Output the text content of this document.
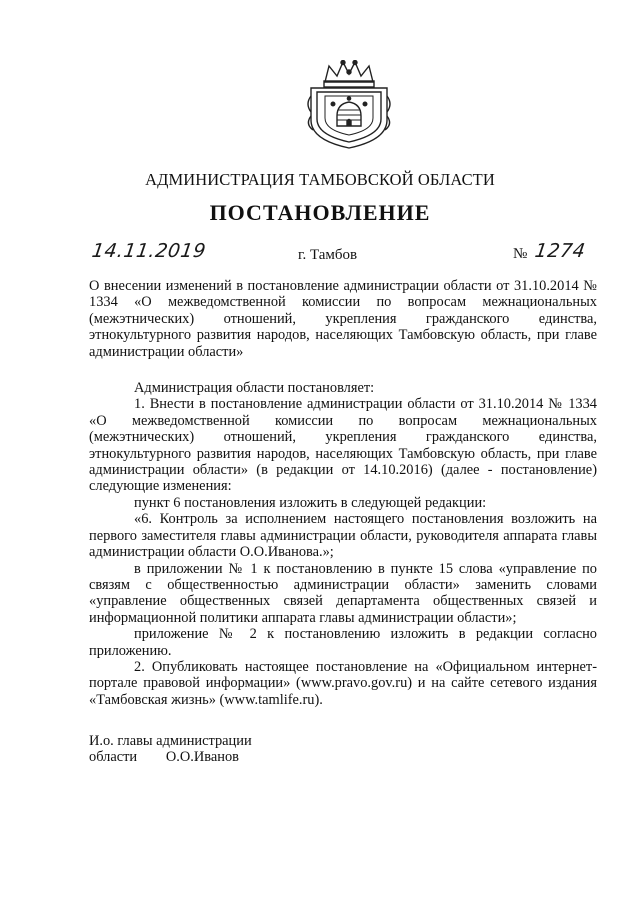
АДМИНИСТРАЦИЯ ТАМБОВСКОЙ ОБЛАСТИ
ПОСТАНОВЛЕНИЕ
14.11.2019	г. Тамбов	№ 1274

О внесении изменений в постановление администрации области от 31.10.2014 № 1334 «О межведомственной комиссии по вопросам межнациональных (межэтнических) отношений, укрепления гражданского единства, этнокультурного развития народов, населяющих Тамбовскую область, при главе администрации области»

Администрация области постановляет:

1. Внести в постановление администрации области от 31.10.2014 № 1334 «О межведомственной комиссии по вопросам межнациональных (межэтнических) отношений, укрепления гражданского единства, этнокультурного развития народов, населяющих Тамбовскую область, при главе администрации области» (в редакции от 14.10.2016) (далее - постановление) следующие изменения:

пункт 6 постановления изложить в следующей редакции:

«6. Контроль за исполнением настоящего постановления возложить на первого заместителя главы администрации области, руководителя аппарата главы администрации области О.О.Иванова.»;

в приложении № 1 к постановлению в пункте 15 слова «управление по связям с общественностью администрации области» заменить словами «управление общественных связей департамента общественных связей и информационной политики аппарата главы администрации области»;

приложение № 2 к постановлению изложить в редакции согласно приложению.

2. Опубликовать настоящее постановление на «Официальном интернет-портале правовой информации» (www.pravo.gov.ru) и на сайте сетевого издания «Тамбовская жизнь» (www.tamlife.ru).

И.о. главы администрации
области        О.О.Иванов
